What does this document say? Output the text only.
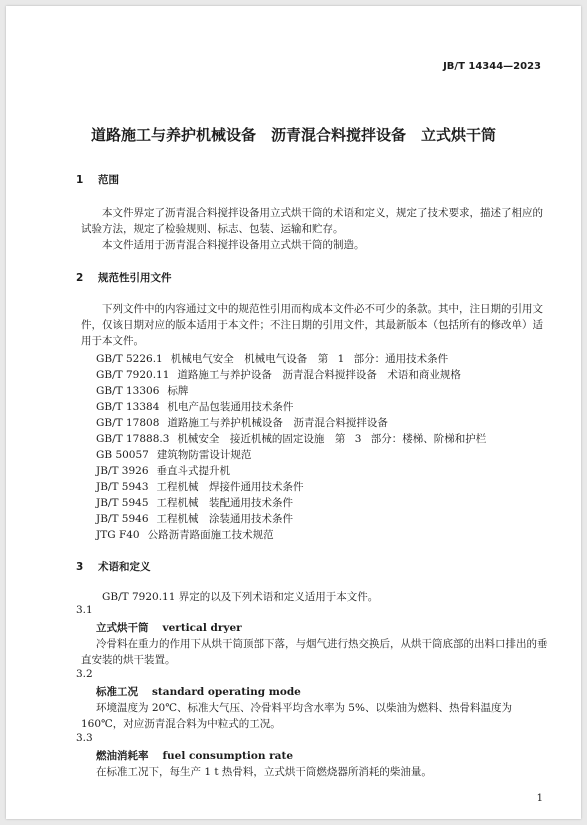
JB/T 14344—2023
道路施工与养护机械设备　沥青混合料搅拌设备　立式烘干筒
1 范围
本文件界定了沥青混合料搅拌设备用立式烘干筒的术语和定义，规定了技术要求，描述了相应的试验方法，规定了检验规则、标志、包装、运输和贮存。
本文件适用于沥青混合料搅拌设备用立式烘干筒的制造。
2 规范性引用文件
下列文件中的内容通过文中的规范性引用而构成本文件必不可少的条款。其中，注日期的引用文件，仅该日期对应的版本适用于本文件；不注日期的引用文件，其最新版本（包括所有的修改单）适用于本文件。
GB/T 5226.1 机械电气安全　机械电气设备　第 1 部分：通用技术条件
GB/T 7920.11 道路施工与养护设备　沥青混合料搅拌设备　术语和商业规格
GB/T 13306 标牌
GB/T 13384 机电产品包装通用技术条件
GB/T 17808 道路施工与养护机械设备　沥青混合料搅拌设备
GB/T 17888.3 机械安全　接近机械的固定设施　第 3 部分：楼梯、阶梯和护栏
GB 50057 建筑物防雷设计规范
JB/T 3926 垂直斗式提升机
JB/T 5943 工程机械　焊接件通用技术条件
JB/T 5945 工程机械　装配通用技术条件
JB/T 5946 工程机械　涂装通用技术条件
JTG F40 公路沥青路面施工技术规范
3 术语和定义
GB/T 7920.11 界定的以及下列术语和定义适用于本文件。
3.1
立式烘干筒 vertical dryer
冷骨料在重力的作用下从烘干筒顶部下落，与烟气进行热交换后，从烘干筒底部的出料口排出的垂直安装的烘干装置。
3.2
标准工况 standard operating mode
环境温度为 20℃、标准大气压、冷骨料平均含水率为 5%、以柴油为燃料、热骨料温度为 160℃，对应沥青混合料为中粒式的工况。
3.3
燃油消耗率 fuel consumption rate
在标准工况下，每生产 1 t 热骨料，立式烘干筒燃烧器所消耗的柴油量。
1
